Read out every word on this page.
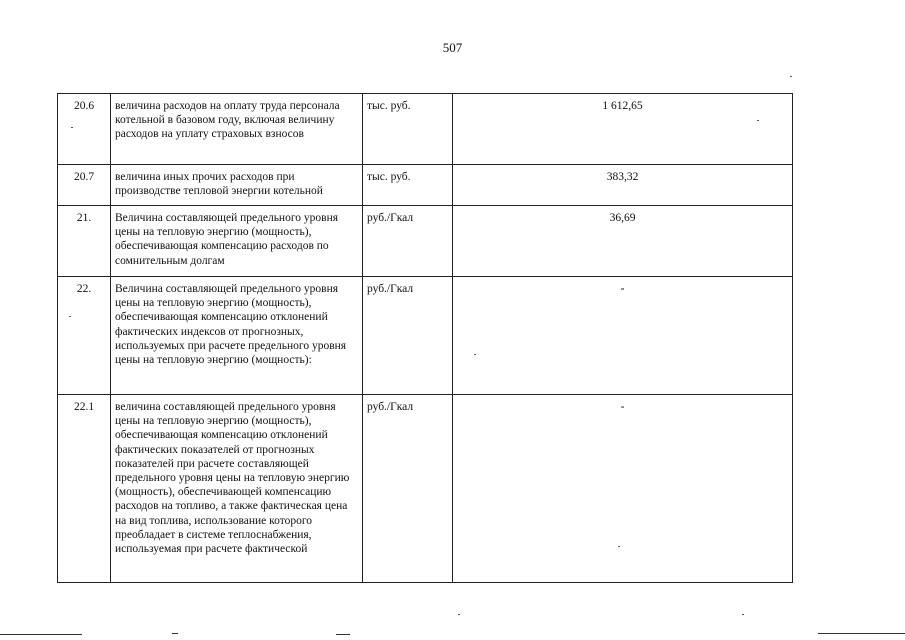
507
20.6	величина расходов на оплату труда персонала котельной в базовом году, включая величину расходов на уплату страховых взносов	тыс. руб.	1 612,65
20.7	величина иных прочих расходов при производстве тепловой энергии котельной	тыс. руб.	383,32
21.	Величина составляющей предельного уровня цены на тепловую энергию (мощность), обеспечивающая компенсацию расходов по сомнительным долгам	руб./Гкал	36,69
22.	Величина составляющей предельного уровня цены на тепловую энергию (мощность), обеспечивающая компенсацию отклонений фактических индексов от прогнозных, используемых при расчете предельного уровня цены на тепловую энергию (мощность):	руб./Гкал	-
22.1	величина составляющей предельного уровня цены на тепловую энергию (мощность), обеспечивающая компенсацию отклонений фактических показателей от прогнозных показателей при расчете составляющей предельного уровня цены на тепловую энергию (мощность), обеспечивающей компенсацию расходов на топливо, а также фактическая цена на вид топлива, использование которого преобладает в системе теплоснабжения, используемая при расчете фактической	руб./Гкал	-
